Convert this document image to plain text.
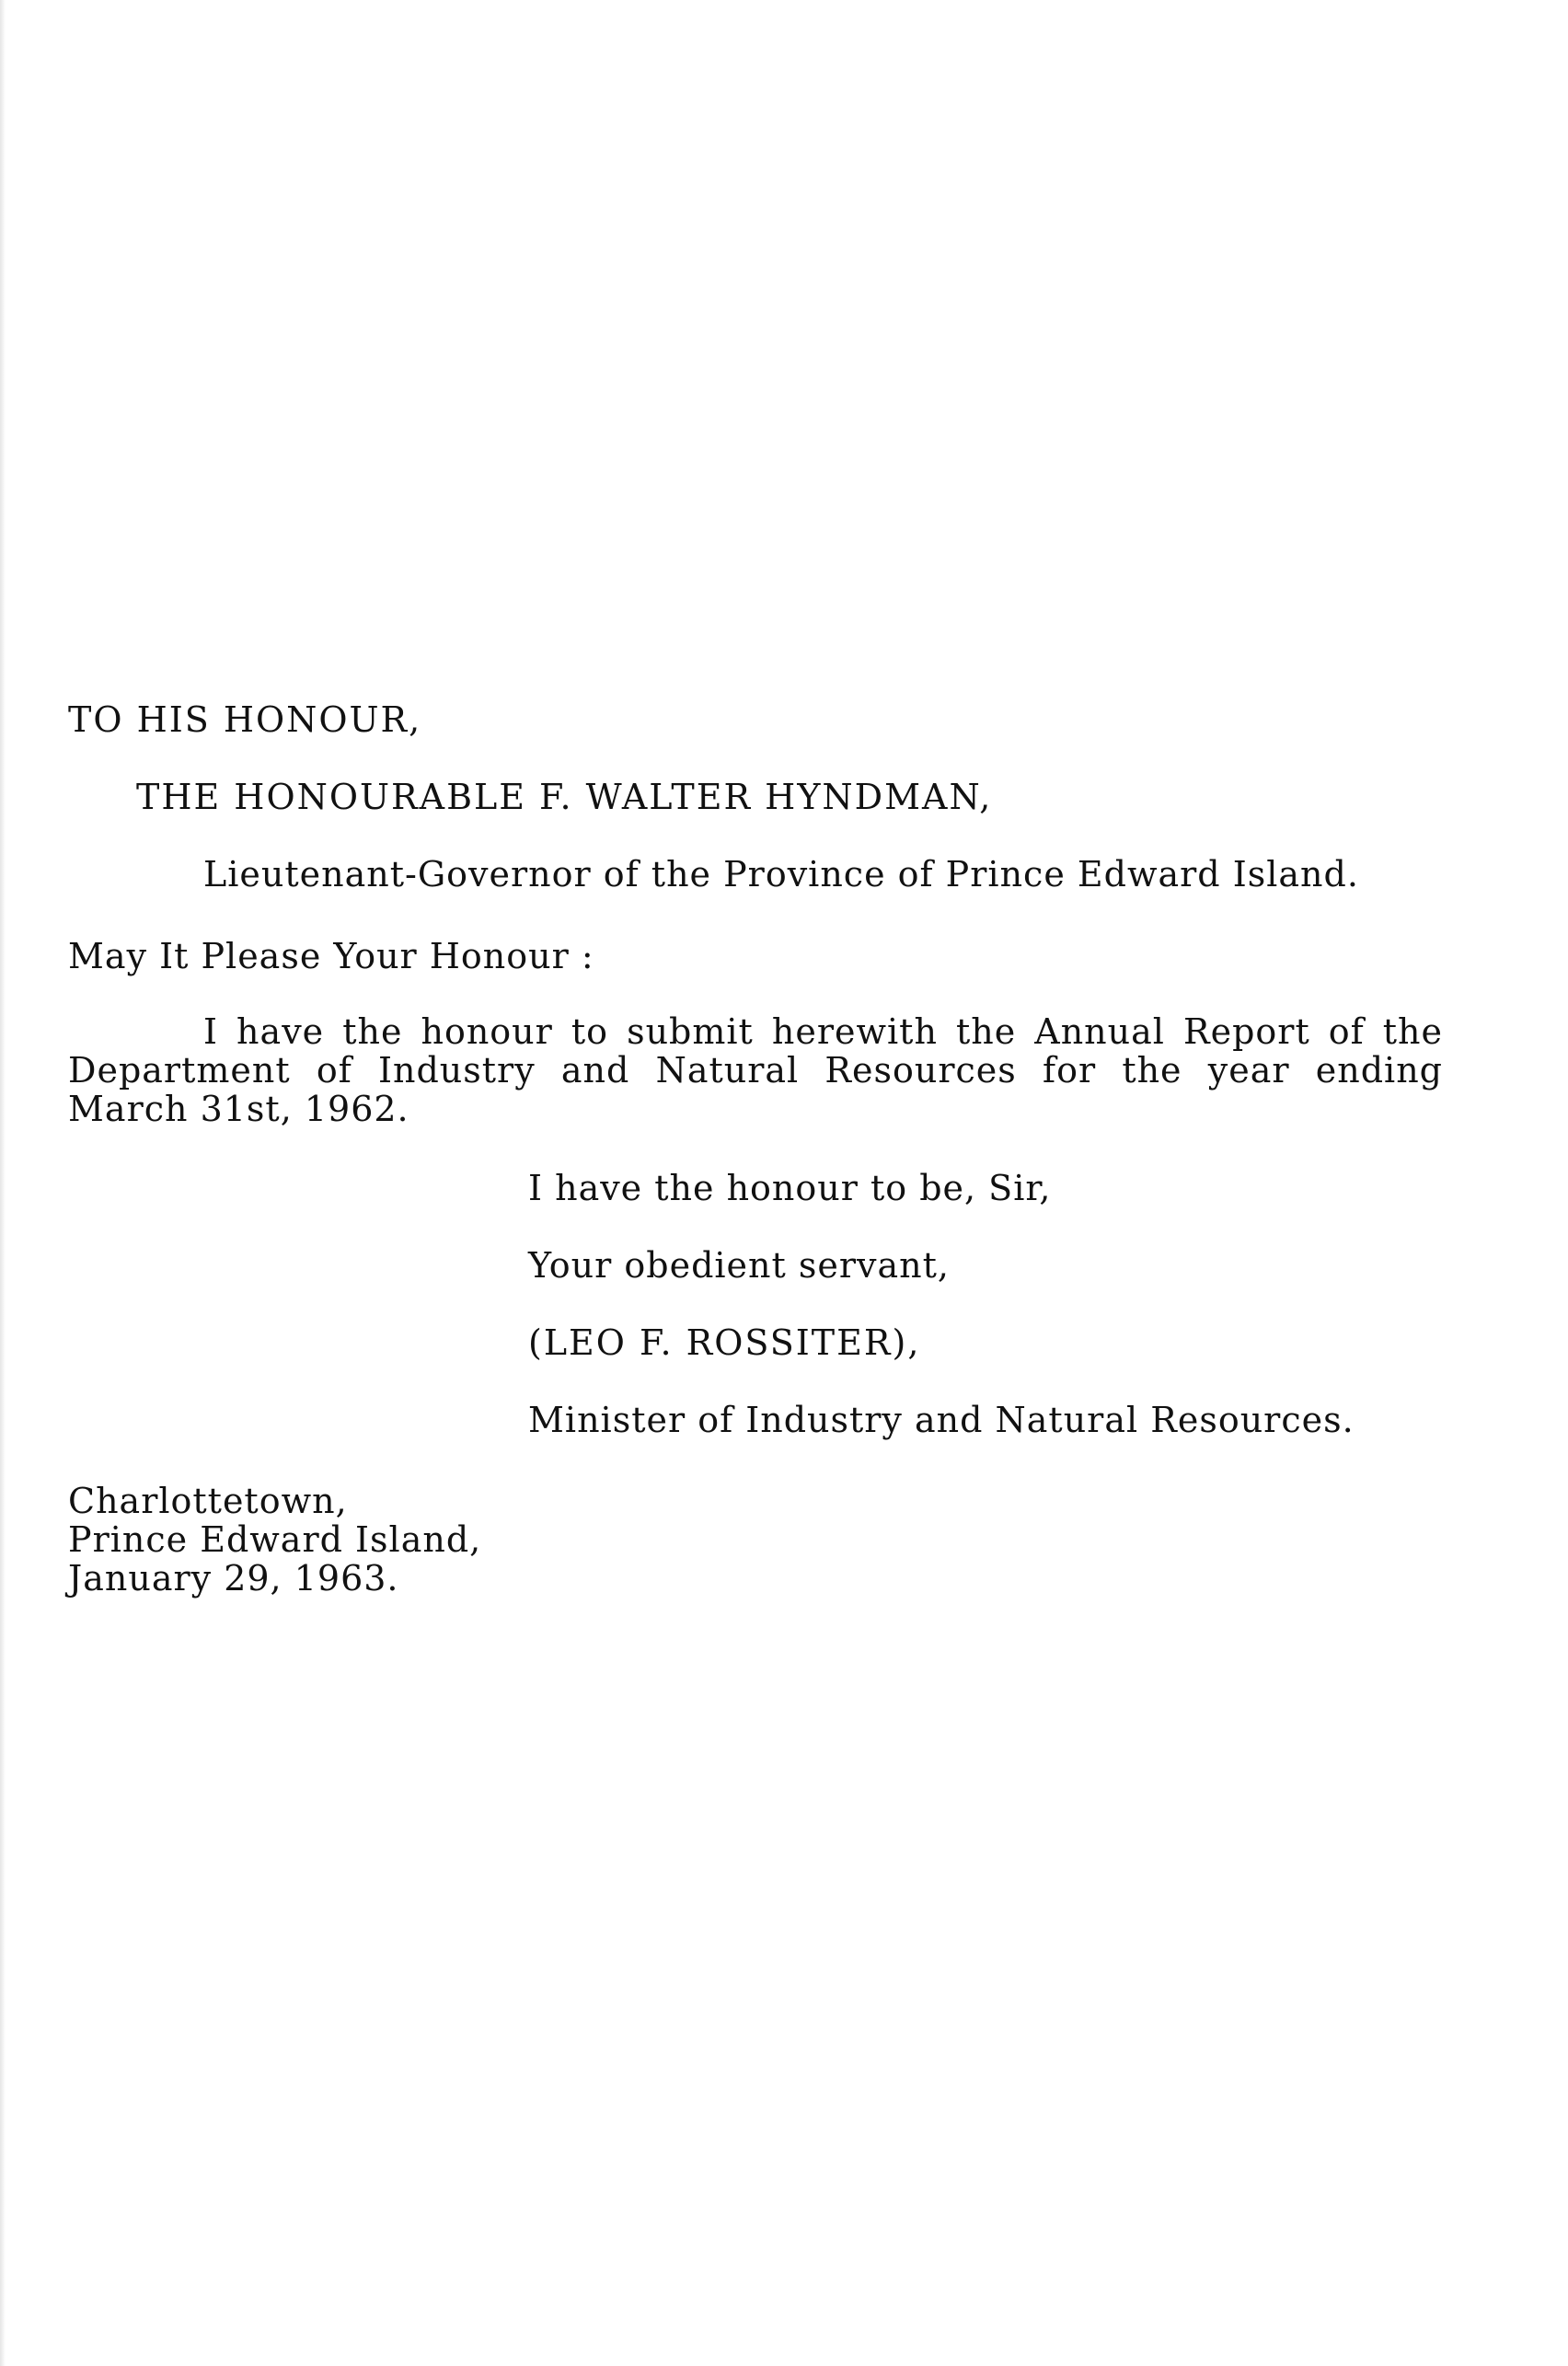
TO HIS HONOUR,
THE HONOURABLE F. WALTER HYNDMAN,
Lieutenant-Governor of the Province of Prince Edward Island.
May It Please Your Honour :

I have the honour to submit herewith the Annual Report of the Department of Industry and Natural Resources for the year ending March 31st, 1962.

I have the honour to be, Sir,
Your obedient servant,
(LEO F. ROSSITER),
Minister of Industry and Natural Resources.
Charlottetown,
Prince Edward Island,
January 29, 1963.
